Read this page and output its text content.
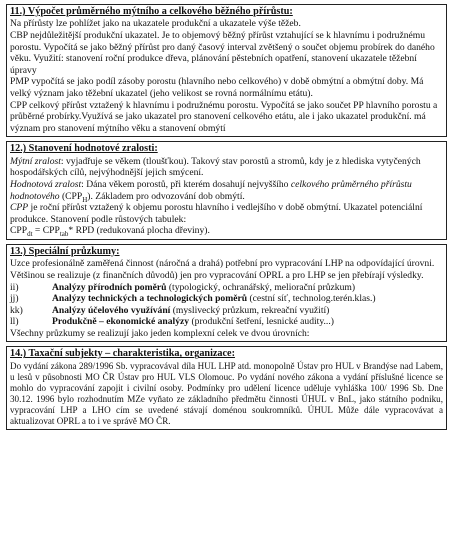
11.) Výpočet průměrného mýtního a celkového běžného přírůstu:

Na přírůsty lze pohlížet jako na ukazatele produkční a ukazatele výše těžeb.

CBP nejdůležitější produkční ukazatel. Je to objemový běžný přírůst vztahující se k hlavnímu i podružnému porostu. Vypočítá se jako běžný přírůst pro daný časový interval zvětšený o součet objemu probírek do daného věku. Využití: stanovení roční produkce dřeva, plánování pěstebních opatření, stanovení ukazatele těžební úpravy

PMP vypočítá se jako podíl zásoby porostu (hlavního nebo celkového) v době obmýtní a obmýtní doby. Má velký význam jako těžební ukazatel (jeho velikost se rovná normálnímu etátu).

CPP celkový přírůst vztažený k hlavnímu i podružnému porostu. Vypočítá se jako součet PP hlavního porostu a průběrné probírky.Využívá se jako ukazatel pro stanovení celkového etátu, ale i jako ukazatel produkční. má význam pro stanovení mýtního věku a stanovení obmýtí

12.) Stanovení hodnotové zralosti:

Mýtní zralost: vyjadřuje se věkem (tloušťkou). Takový stav porostů a stromů, kdy je z hlediska vytyčených hospodářských cílů, nejvýhodnější jejich smýcení.

Hodnotová zralost: Dána věkem porostů, při kterém dosahují nejvyššího celkového průměrného přírůstu hodnotového $(CPP_H)$. Základem pro odvozování dob obmýtí.

CPP je roční přírůst vztažený k objemu porostu hlavního i vedlejšího v době obmýtní. Ukazatel potenciální produkce. Stanovení podle růstových tabulek:

$CPP_{dt} = CPP_{tab}*$ RPD (redukovaná plocha dřeviny).

13.) Speciální průzkumy:

Uzce profesionálně zaměřená činnost (náročná a drahá) potřební pro vypracování LHP na odpovídající úrovni. Většinou se realizuje (z finančních důvodů) jen pro vypracování OPRL a pro LHP se jen přebírají výsledky.

ii)	Analýzy přírodních poměrů (typologický, ochranářský, meliorační průzkum)
jj)	Analýzy technických a technologických poměrů (cestní síť, technolog.terén.klas.)
kk)	Analýzy účelového využívání (myslivecký průzkum, rekreační využití)
ll)	Produkčně – ekonomické analýzy (produkční šetření, lesnické audity...)

Všechny průzkumy se realizují jako jeden komplexní celek ve dvou úrovních:

14.) Taxační subjekty – charakteristika, organizace:

Do vydání zákona 289/1996 Sb. vypracovával díla HUL LHP atd. monopolně Ústav pro HUL v Brandýse nad Labem, u lesů v působnosti MO ČR Ústav pro HUL VLS Olomouc. Po vydání nového zákona a vydání příslušné licence se mohlo do vypracování zapojit i civilní osoby. Podmínky pro udělení licence uděluje vyhláška 100/ 1996 Sb. Dne 30.12. 1996 bylo rozhodnutím MZe vyňato ze základního předmětu činnosti ÚHUL v BnL, jako státního podniku, vypracování LHP a LHO cím se uvedené stávají doménou soukromníků. ÚHUL Může dále vypracovávat a aktualizovat OPRL a to i ve správě MO ČR.
